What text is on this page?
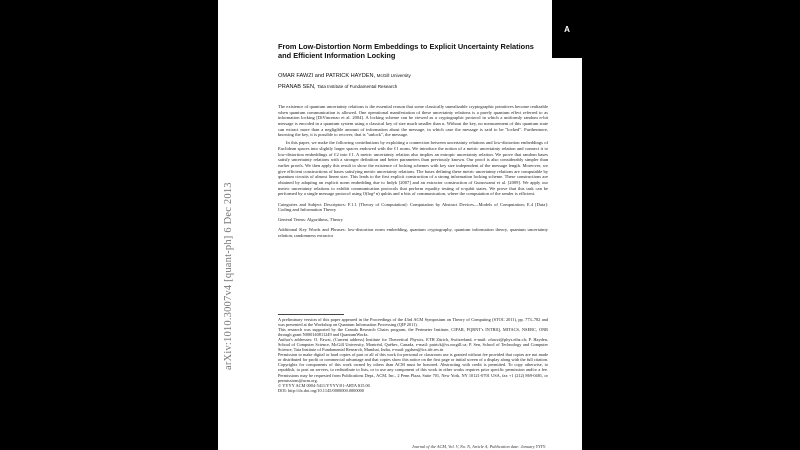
A
arXiv:1010.3007v4 [quant-ph] 6 Dec 2013
From Low-Distortion Norm Embeddings to Explicit Uncertainty Relations and Efficient Information Locking
OMAR FAWZI and PATRICK HAYDEN, McGill University
PRANAB SEN, Tata Institute of Fundamental Research

The existence of quantum uncertainty relations is the essential reason that some classically unrealizable cryptographic primitives become realizable when quantum communication is allowed. One operational manifestation of these uncertainty relations is a purely quantum effect referred to as information locking [DiVincenzo et al. 2004]. A locking scheme can be viewed as a cryptographic protocol in which a uniformly random n-bit message is encoded in a quantum system using a classical key of size much smaller than n. Without the key, no measurement of this quantum state can extract more than a negligible amount of information about the message, in which case the message is said to be "locked". Furthermore, knowing the key, it is possible to recover, that is "unlock", the message.

In this paper, we make the following contributions by exploiting a connection between uncertainty relations and low-distortion embeddings of Euclidean spaces into slightly larger spaces endowed with the ℓ1 norm. We introduce the notion of a metric uncertainty relation and connect it to low-distortion embeddings of ℓ2 into ℓ1. A metric uncertainty relation also implies an entropic uncertainty relation. We prove that random bases satisfy uncertainty relations with a stronger definition and better parameters than previously known. Our proof is also considerably simpler than earlier proofs. We then apply this result to show the existence of locking schemes with key size independent of the message length. Moreover, we give efficient constructions of bases satisfying metric uncertainty relations. The bases defining these metric uncertainty relations are computable by quantum circuits of almost linear size. This leads to the first explicit construction of a strong information locking scheme. These constructions are obtained by adapting an explicit norm embedding due to Indyk [2007] and an extractor construction of Guruswami et al. [2009]. We apply our metric uncertainty relations to exhibit communication protocols that perform equality testing of n-qubit states. We prove that this task can be performed by a single message protocol using O(log² n) qubits and n bits of communication, where the computation of the sender is efficient.

Categories and Subject Descriptors: F.1.1 [Theory of Computation]: Computation by Abstract Devices—Models of Computation; E.4 [Data]: Coding and Information Theory

General Terms: Algorithms, Theory

Additional Key Words and Phrases: low-distortion norm embedding, quantum cryptography, quantum information theory, quantum uncertainty relation, randomness extractor

A preliminary version of this paper appeared in the Proceedings of the 43rd ACM Symposium on Theory of Computing (STOC 2011), pp. 773–782 and was presented at the Workshop on Quantum Information Processing (QIP 2011).

This research was supported by the Canada Research Chairs program, the Perimeter Institute, CIFAR, FQRNT's INTRIQ, MITACS, NSERC, ONR through grant N000140811249 and QuantumWorks.

Author's addresses: O. Fawzi, (Current address) Institute for Theoretical Physics, ETH Zürich, Switzerland, e-mail: ofawzi@phys.ethz.ch; P. Hayden, School of Computer Science, McGill University, Montréal, Québec, Canada, e-mail: patrick@cs.mcgill.ca; P. Sen, School of Technology and Computer Science, Tata Institute of Fundamental Research, Mumbai, India, e-mail: pgdsen@tcs.tifr.res.in

Permission to make digital or hard copies of part or all of this work for personal or classroom use is granted without fee provided that copies are not made or distributed for profit or commercial advantage and that copies show this notice on the first page or initial screen of a display along with the full citation. Copyrights for components of this work owned by others than ACM must be honored. Abstracting with credit is permitted. To copy otherwise, to republish, to post on servers, to redistribute to lists, or to use any component of this work in other works requires prior specific permission and/or a fee. Permissions may be requested from Publications Dept., ACM, Inc., 2 Penn Plaza, Suite 701, New York, NY 10121-0701 USA, fax +1 (212) 869-0481, or permissions@acm.org.

© YYYY ACM 0004-5411/YYYY/01-ARTA $15.00

DOI: http://dx.doi.org/10.1145/0000000.0000000

Journal of the ACM, Vol. V, No. N, Article A, Publication date: January YYYY.
